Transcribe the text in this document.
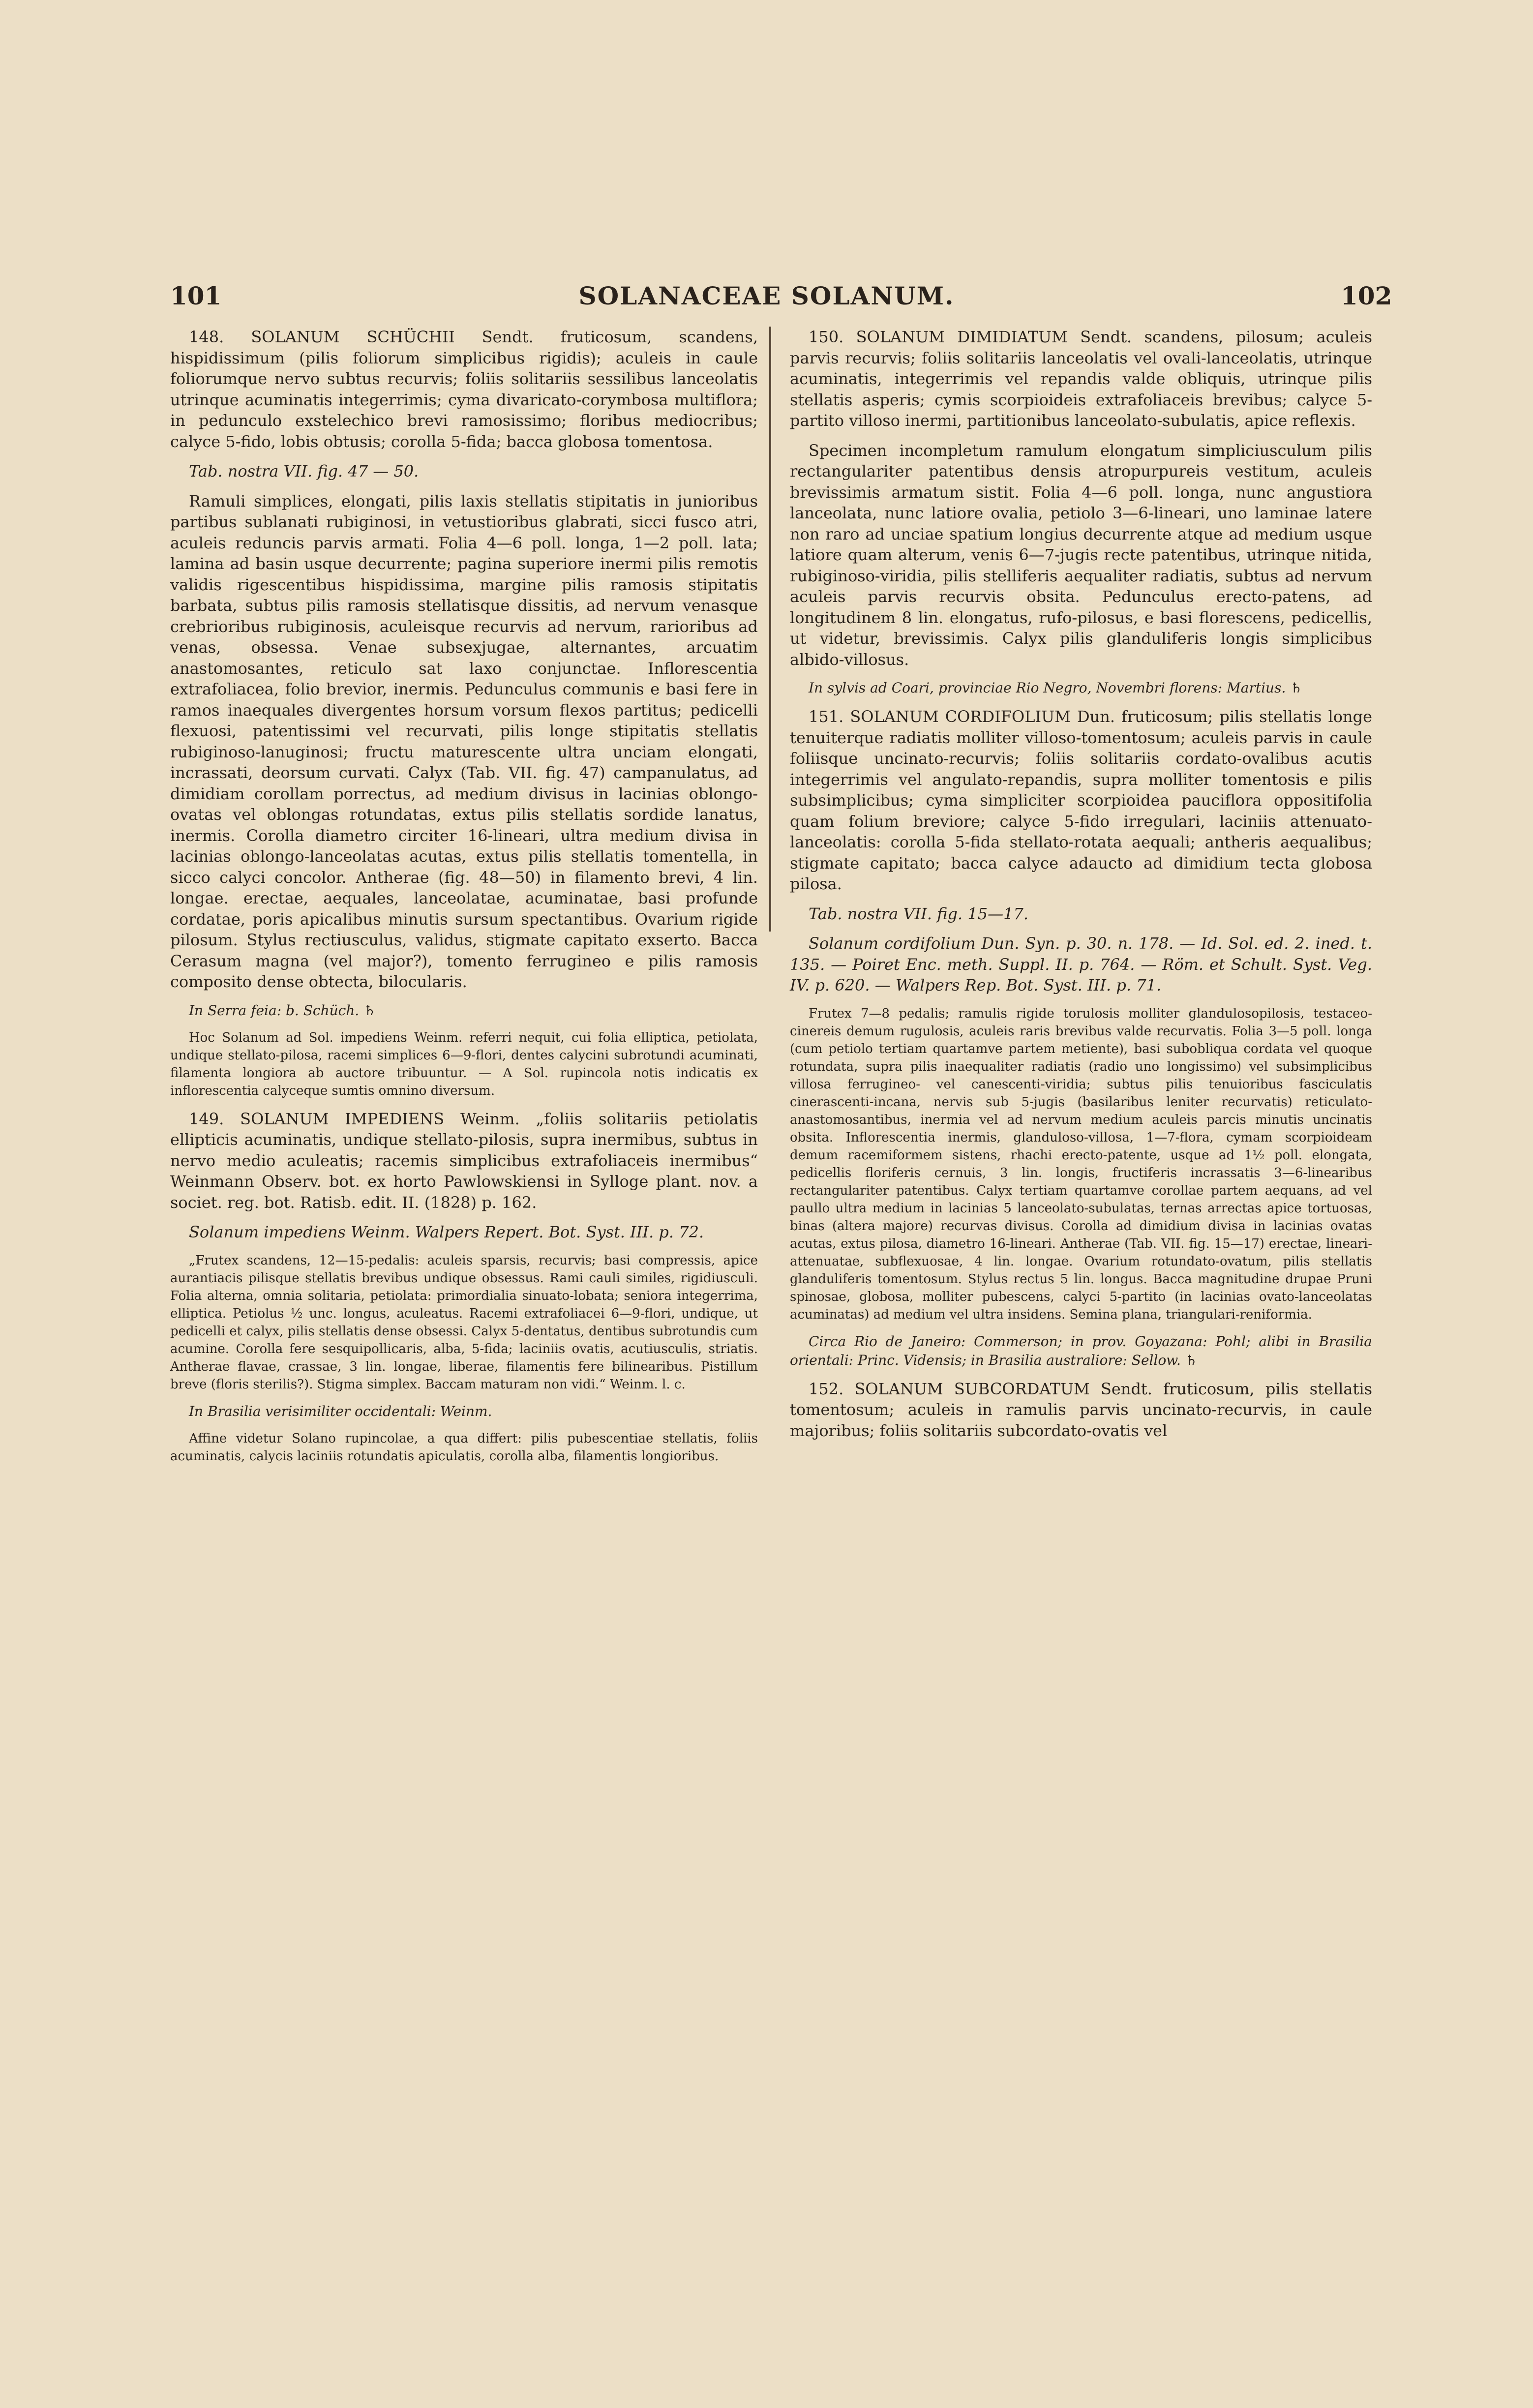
SOLANACEAE SOLANUM.
101	102

148. SOLANUM SCHÜCHII Sendt. fruticosum, scandens, hispidissimum (pilis foliorum simplicibus rigidis); aculeis in caule foliorumque nervo subtus recurvis; foliis solitariis sessilibus lanceolatis utrinque acuminatis integerrimis; cyma divaricato-corymbosa multiflora; in pedunculo exstelechico brevi ramosissimo; floribus mediocribus; calyce 5-fido, lobis obtusis; corolla 5-fida; bacca globosa tomentosa.

Tab. nostra VII. fig. 47 — 50.

Ramuli simplices, elongati, pilis laxis stellatis stipitatis in junioribus partibus sublanati rubiginosi, in vetustioribus glabrati, sicci fusco atri, aculeis reduncis parvis armati. Folia 4—6 poll. longa, 1—2 poll. lata; lamina ad basin usque decurrente; pagina superiore inermi pilis remotis validis rigescentibus hispidissima, margine pilis ramosis stipitatis barbata, subtus pilis ramosis stellatisque dissitis, ad nervum venasque crebrioribus rubiginosis, aculeisque recurvis ad nervum, rarioribus ad venas, obsessa. Venae subsexjugae, alternantes, arcuatim anastomosantes, reticulo sat laxo conjunctae. Inflorescentia extrafoliacea, folio brevior, inermis. Pedunculus communis e basi fere in ramos inaequales divergentes horsum vorsum flexos partitus; pedicelli flexuosi, patentissimi vel recurvati, pilis longe stipitatis stellatis rubiginoso-lanuginosi; fructu maturescente ultra unciam elongati, incrassati, deorsum curvati. Calyx (Tab. VII. fig. 47) campanulatus, ad dimidiam corollam porrectus, ad medium divisus in lacinias oblongo-ovatas vel oblongas rotundatas, extus pilis stellatis sordide lanatus, inermis. Corolla diametro circiter 16-lineari, ultra medium divisa in lacinias oblongo-lanceolatas acutas, extus pilis stellatis tomentella, in sicco calyci concolor. Antherae (fig. 48—50) in filamento brevi, 4 lin. longae. erectae, aequales, lanceolatae, acuminatae, basi profunde cordatae, poris apicalibus minutis sursum spectantibus. Ovarium rigide pilosum. Stylus rectiusculus, validus, stigmate capitato exserto. Bacca Cerasum magna (vel major?), tomento ferrugineo e pilis ramosis composito dense obtecta, bilocularis.

In Serra feia: b. Schüch. ♄

Hoc Solanum ad Sol. impediens Weinm. referri nequit, cui folia elliptica, petiolata, undique stellato-pilosa, racemi simplices 6—9-flori, dentes calycini subrotundi acuminati, filamenta longiora ab auctore tribuuntur. — A Sol. rupincola notis indicatis ex inflorescentia calyceque sumtis omnino diversum.

149. SOLANUM IMPEDIENS Weinm. „foliis solitariis petiolatis ellipticis acuminatis, undique stellato-pilosis, supra inermibus, subtus in nervo medio aculeatis; racemis simplicibus extrafoliaceis inermibus“ Weinmann Observ. bot. ex horto Pawlowskiensi in Sylloge plant. nov. a societ. reg. bot. Ratisb. edit. II. (1828) p. 162.

Solanum impediens Weinm. Walpers Repert. Bot. Syst. III. p. 72.

„Frutex scandens, 12—15-pedalis: aculeis sparsis, recurvis; basi compressis, apice aurantiacis pilisque stellatis brevibus undique obsessus. Rami cauli similes, rigidiusculi. Folia alterna, omnia solitaria, petiolata: primordialia sinuato-lobata; seniora integerrima, elliptica. Petiolus ½ unc. longus, aculeatus. Racemi extrafoliacei 6—9-flori, undique, ut pedicelli et calyx, pilis stellatis dense obsessi. Calyx 5-dentatus, dentibus subrotundis cum acumine. Corolla fere sesquipollicaris, alba, 5-fida; laciniis ovatis, acutiusculis, striatis. Antherae flavae, crassae, 3 lin. longae, liberae, filamentis fere bilinearibus. Pistillum breve (floris sterilis?). Stigma simplex. Baccam maturam non vidi.“ Weinm. l. c.

In Brasilia verisimiliter occidentali: Weinm.

Affine videtur Solano rupincolae, a qua differt: pilis pubescentiae stellatis, foliis acuminatis, calycis laciniis rotundatis apiculatis, corolla alba, filamentis longioribus.

150. SOLANUM DIMIDIATUM Sendt. scandens, pilosum; aculeis parvis recurvis; foliis solitariis lanceolatis vel ovali-lanceolatis, utrinque acuminatis, integerrimis vel repandis valde obliquis, utrinque pilis stellatis asperis; cymis scorpioideis extrafoliaceis brevibus; calyce 5-partito villoso inermi, partitionibus lanceolato-subulatis, apice reflexis.

Specimen incompletum ramulum elongatum simpliciusculum pilis rectangulariter patentibus densis atropurpureis vestitum, aculeis brevissimis armatum sistit. Folia 4—6 poll. longa, nunc angustiora lanceolata, nunc latiore ovalia, petiolo 3—6-lineari, uno laminae latere non raro ad unciae spatium longius decurrente atque ad medium usque latiore quam alterum, venis 6—7-jugis recte patentibus, utrinque nitida, rubiginoso-viridia, pilis stelliferis aequaliter radiatis, subtus ad nervum aculeis parvis recurvis obsita. Pedunculus erecto-patens, ad longitudinem 8 lin. elongatus, rufo-pilosus, e basi florescens, pedicellis, ut videtur, brevissimis. Calyx pilis glanduliferis longis simplicibus albido-villosus.

In sylvis ad Coari, provinciae Rio Negro, Novembri florens: Martius. ♄

151. SOLANUM CORDIFOLIUM Dun. fruticosum; pilis stellatis longe tenuiterque radiatis molliter villoso-tomentosum; aculeis parvis in caule foliisque uncinato-recurvis; foliis solitariis cordato-ovalibus acutis integerrimis vel angulato-repandis, supra molliter tomentosis e pilis subsimplicibus; cyma simpliciter scorpioidea pauciflora oppositifolia quam folium breviore; calyce 5-fido irregulari, laciniis attenuato-lanceolatis: corolla 5-fida stellato-rotata aequali; antheris aequalibus; stigmate capitato; bacca calyce adaucto ad dimidium tecta globosa pilosa.

Tab. nostra VII. fig. 15—17.

Solanum cordifolium Dun. Syn. p. 30. n. 178. — Id. Sol. ed. 2. ined. t. 135. — Poiret Enc. meth. Suppl. II. p. 764. — Röm. et Schult. Syst. Veg. IV. p. 620. — Walpers Rep. Bot. Syst. III. p. 71.

Frutex 7—8 pedalis; ramulis rigide torulosis molliter glandulosopilosis, testaceo-cinereis demum rugulosis, aculeis raris brevibus valde recurvatis. Folia 3—5 poll. longa (cum petiolo tertiam quartamve partem metiente), basi subobliqua cordata vel quoque rotundata, supra pilis inaequaliter radiatis (radio uno longissimo) vel subsimplicibus villosa ferrugineo- vel canescenti-viridia; subtus pilis tenuioribus fasciculatis cinerascenti-incana, nervis sub 5-jugis (basilaribus leniter recurvatis) reticulato-anastomosantibus, inermia vel ad nervum medium aculeis parcis minutis uncinatis obsita. Inflorescentia inermis, glanduloso-villosa, 1—7-flora, cymam scorpioideam demum racemiformem sistens, rhachi erecto-patente, usque ad 1½ poll. elongata, pedicellis floriferis cernuis, 3 lin. longis, fructiferis incrassatis 3—6-linearibus rectangulariter patentibus. Calyx tertiam quartamve corollae partem aequans, ad vel paullo ultra medium in lacinias 5 lanceolato-subulatas, ternas arrectas apice tortuosas, binas (altera majore) recurvas divisus. Corolla ad dimidium divisa in lacinias ovatas acutas, extus pilosa, diametro 16-lineari. Antherae (Tab. VII. fig. 15—17) erectae, lineari-attenuatae, subflexuosae, 4 lin. longae. Ovarium rotundato-ovatum, pilis stellatis glanduliferis tomentosum. Stylus rectus 5 lin. longus. Bacca magnitudine drupae Pruni spinosae, globosa, molliter pubescens, calyci 5-partito (in lacinias ovato-lanceolatas acuminatas) ad medium vel ultra insidens. Semina plana, triangulari-reniformia.

Circa Rio de Janeiro: Commerson; in prov. Goyazana: Pohl; alibi in Brasilia orientali: Princ. Vidensis; in Brasilia australiore: Sellow. ♄

152. SOLANUM SUBCORDATUM Sendt. fruticosum, pilis stellatis tomentosum; aculeis in ramulis parvis uncinato-recurvis, in caule majoribus; foliis solitariis subcordato-ovatis vel
